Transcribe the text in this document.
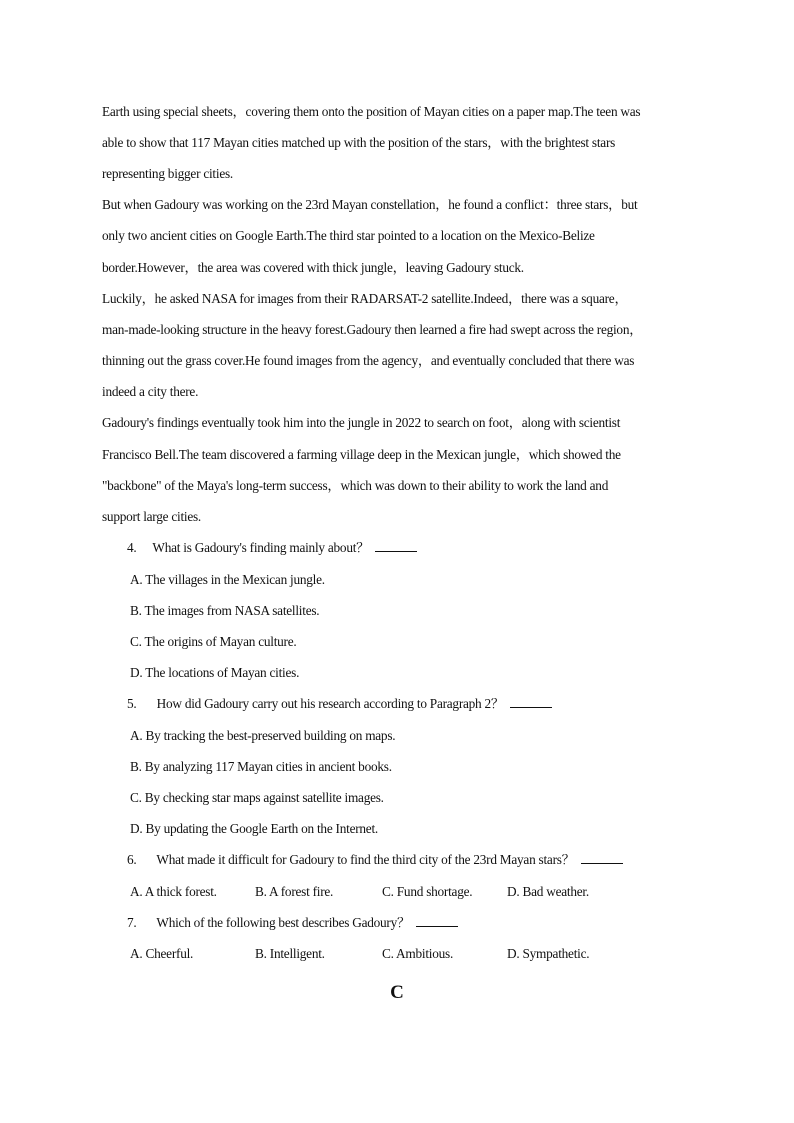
Earth using special sheets，covering them onto the position of Mayan cities on a paper map.The teen was
able to show that 117 Mayan cities matched up with the position of the stars，with the brightest stars
representing bigger cities.
But when Gadoury was working on the 23rd Mayan constellation，he found a conflict：three stars，but
only two ancient cities on Google Earth.The third star pointed to a location on the Mexico-Belize
border.However，the area was covered with thick jungle，leaving Gadoury stuck.
Luckily，he asked NASA for images from their RADARSAT-2 satellite.Indeed，there was a square，
man-made-looking structure in the heavy forest.Gadoury then learned a fire had swept across the region，
thinning out the grass cover.He found images from the agency，and eventually concluded that there was
indeed a city there.
Gadoury's findings eventually took him into the jungle in 2022 to search on foot，along with scientist
Francisco Bell.The team discovered a farming village deep in the Mexican jungle，which showed the
"backbone" of the Maya's long-term success，which was down to their ability to work the land and
support large cities.
4. What is Gadoury's finding mainly about？
A. The villages in the Mexican jungle.
B. The images from NASA satellites.
C. The origins of Mayan culture.
D. The locations of Mayan cities.
5. How did Gadoury carry out his research according to Paragraph 2？
A. By tracking the best-preserved building on maps.
B. By analyzing 117 Mayan cities in ancient books.
C. By checking star maps against satellite images.
D. By updating the Google Earth on the Internet.
6. What made it difficult for Gadoury to find the third city of the 23rd Mayan stars？
A. A thick forest.	B. A forest fire.	C. Fund shortage.	D. Bad weather.
7. Which of the following best describes Gadoury？
A. Cheerful.	B. Intelligent.	C. Ambitious.	D. Sympathetic.
C
